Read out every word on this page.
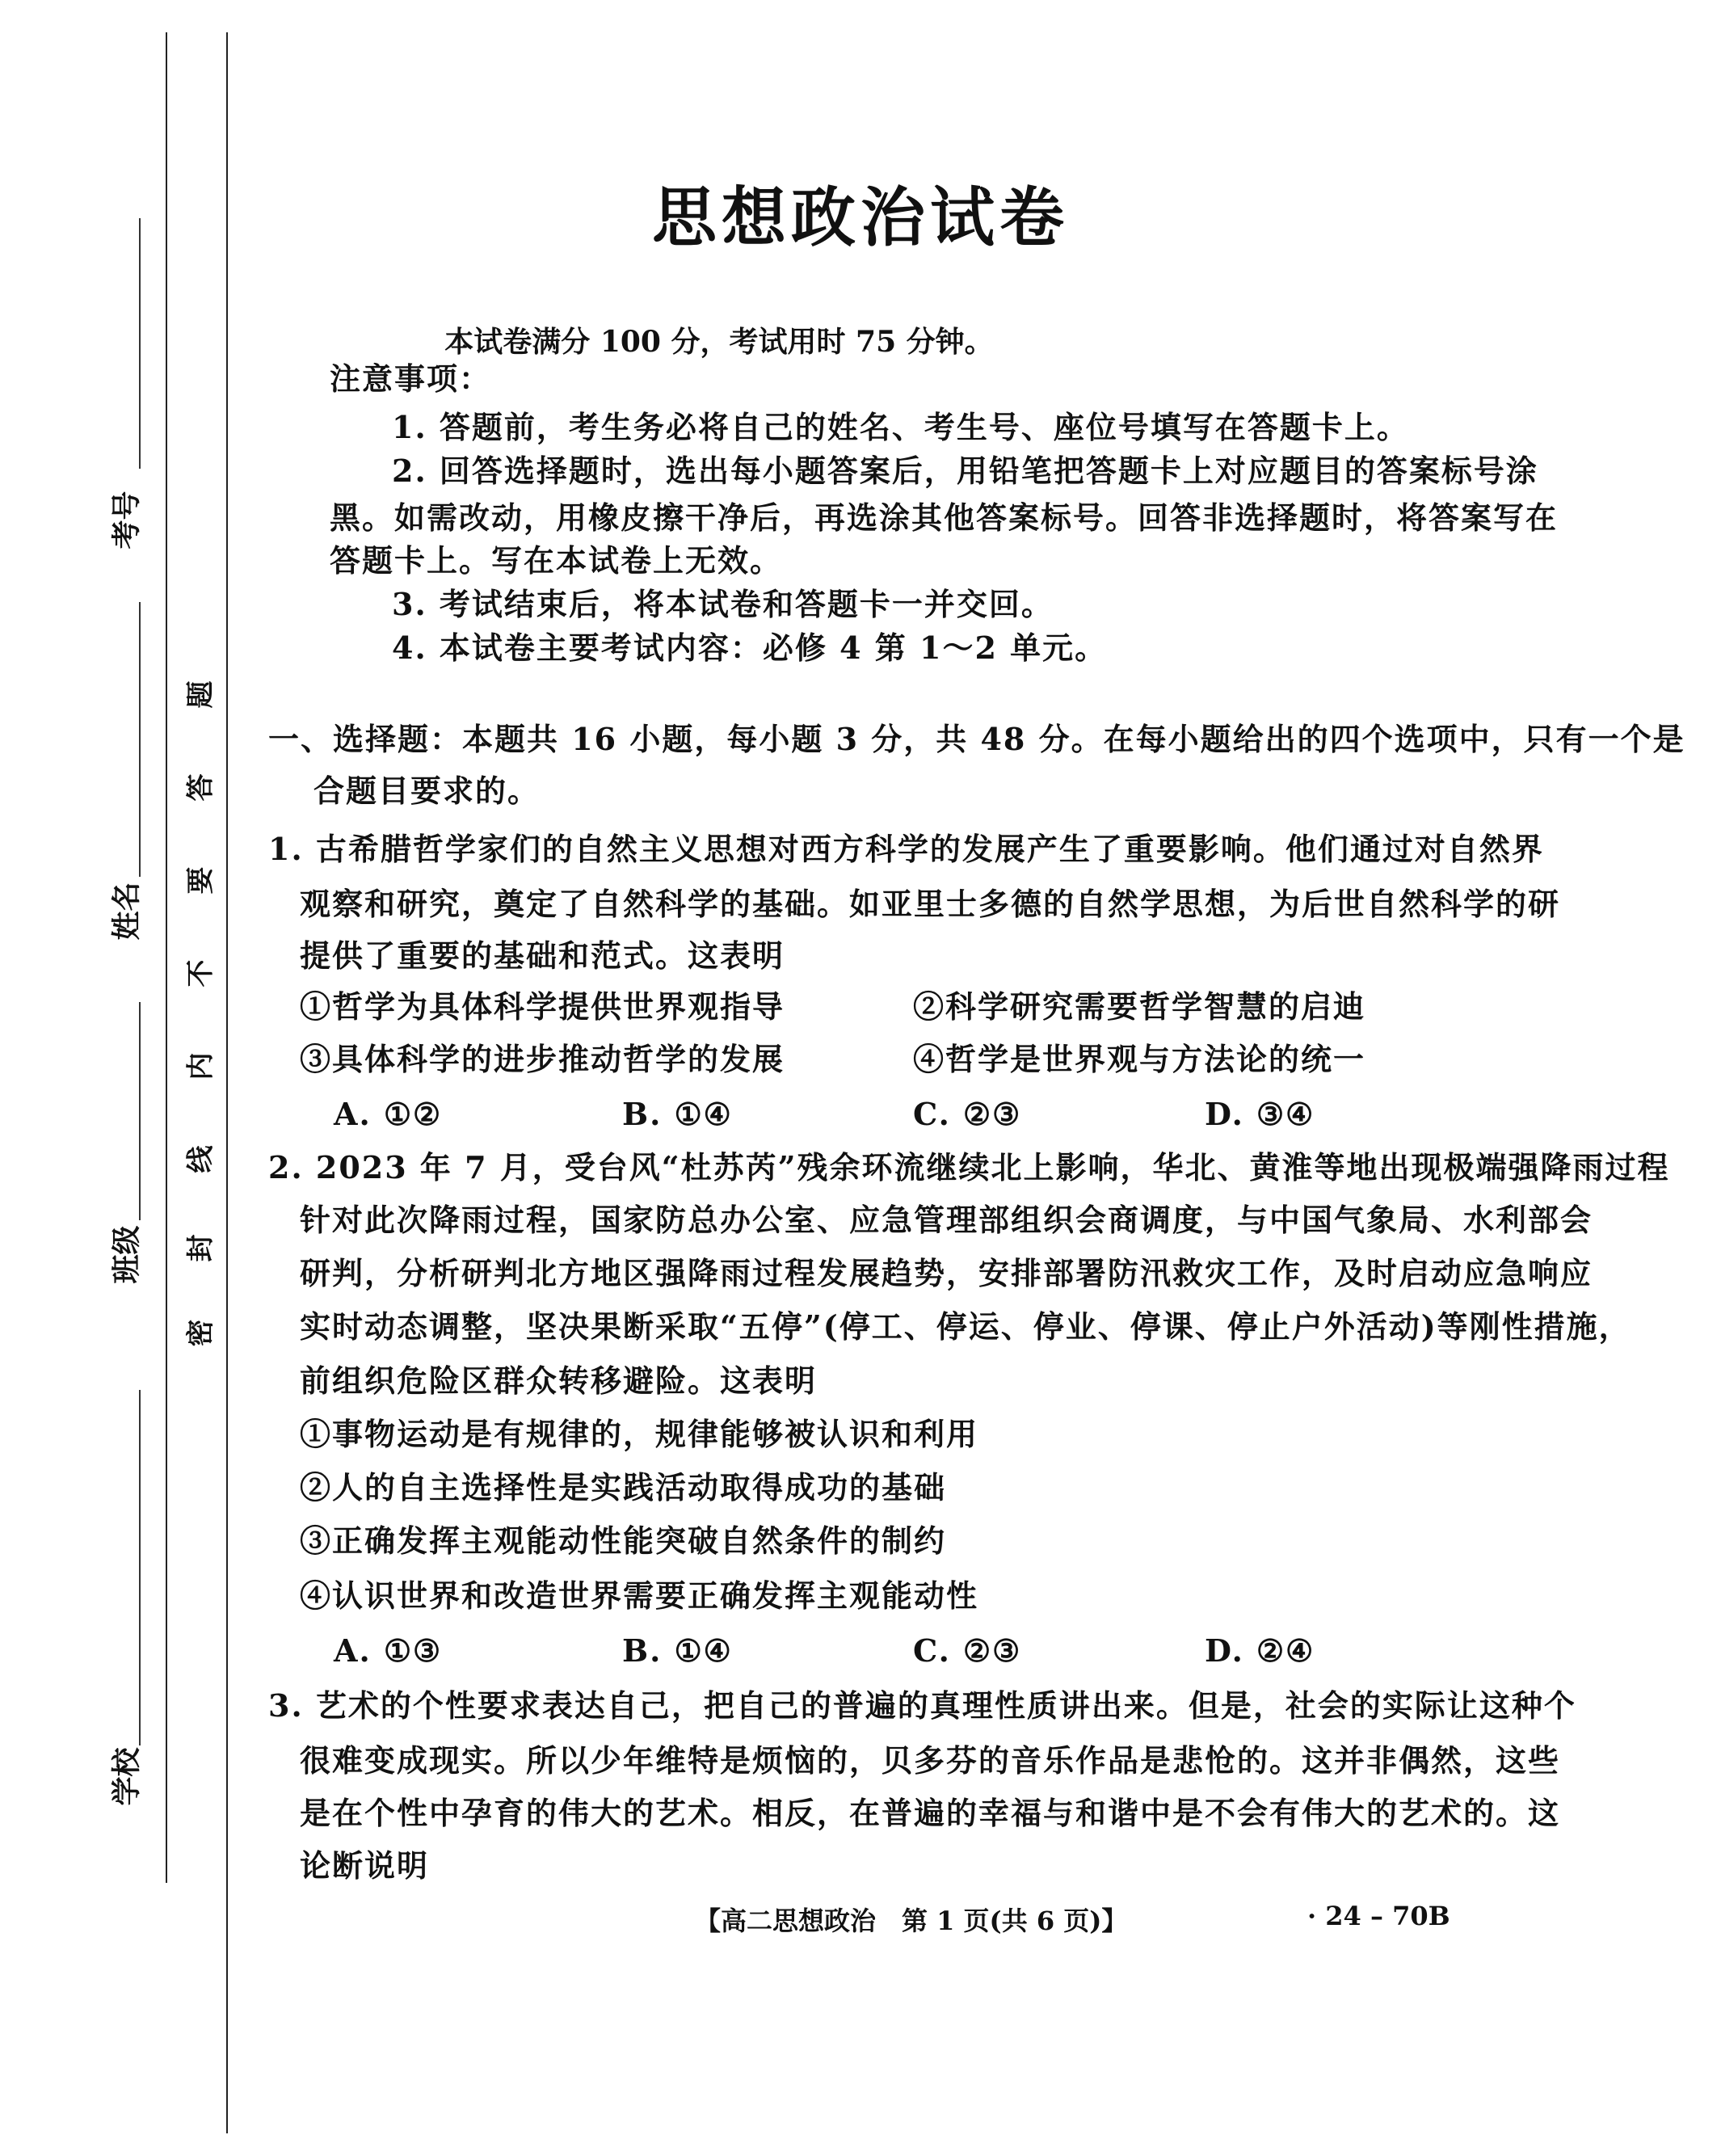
考号
姓名
班级
学校
题
答
要
不
内
线
封
密
思想政治试卷
本试卷满分 100 分，考试用时 75 分钟。
注意事项：
1. 答题前，考生务必将自己的姓名、考生号、座位号填写在答题卡上。
2. 回答选择题时，选出每小题答案后，用铅笔把答题卡上对应题目的答案标号涂
黑。如需改动，用橡皮擦干净后，再选涂其他答案标号。回答非选择题时，将答案写在
答题卡上。写在本试卷上无效。
3. 考试结束后，将本试卷和答题卡一并交回。
4. 本试卷主要考试内容：必修 4 第 1～2 单元。
一、选择题：本题共 16 小题，每小题 3 分，共 48 分。在每小题给出的四个选项中，只有一个是
合题目要求的。
1. 古希腊哲学家们的自然主义思想对西方科学的发展产生了重要影响。他们通过对自然界
观察和研究，奠定了自然科学的基础。如亚里士多德的自然学思想，为后世自然科学的研
提供了重要的基础和范式。这表明
①哲学为具体科学提供世界观指导	②科学研究需要哲学智慧的启迪
③具体科学的进步推动哲学的发展	④哲学是世界观与方法论的统一
A. ①②	B. ①④	C. ②③	D. ③④
2. 2023 年 7 月，受台风“杜苏芮”残余环流继续北上影响，华北、黄淮等地出现极端强降雨过程
针对此次降雨过程，国家防总办公室、应急管理部组织会商调度，与中国气象局、水利部会
研判，分析研判北方地区强降雨过程发展趋势，安排部署防汛救灾工作，及时启动应急响应
实时动态调整，坚决果断采取“五停”(停工、停运、停业、停课、停止户外活动)等刚性措施，
前组织危险区群众转移避险。这表明
①事物运动是有规律的，规律能够被认识和利用
②人的自主选择性是实践活动取得成功的基础
③正确发挥主观能动性能突破自然条件的制约
④认识世界和改造世界需要正确发挥主观能动性
A. ①③	B. ①④	C. ②③	D. ②④
3. 艺术的个性要求表达自己，把自己的普遍的真理性质讲出来。但是，社会的实际让这种个
很难变成现实。所以少年维特是烦恼的，贝多芬的音乐作品是悲怆的。这并非偶然，这些
是在个性中孕育的伟大的艺术。相反，在普遍的幸福与和谐中是不会有伟大的艺术的。这
论断说明
【高二思想政治　第 1 页(共 6 页)】	· 24 – 70B
